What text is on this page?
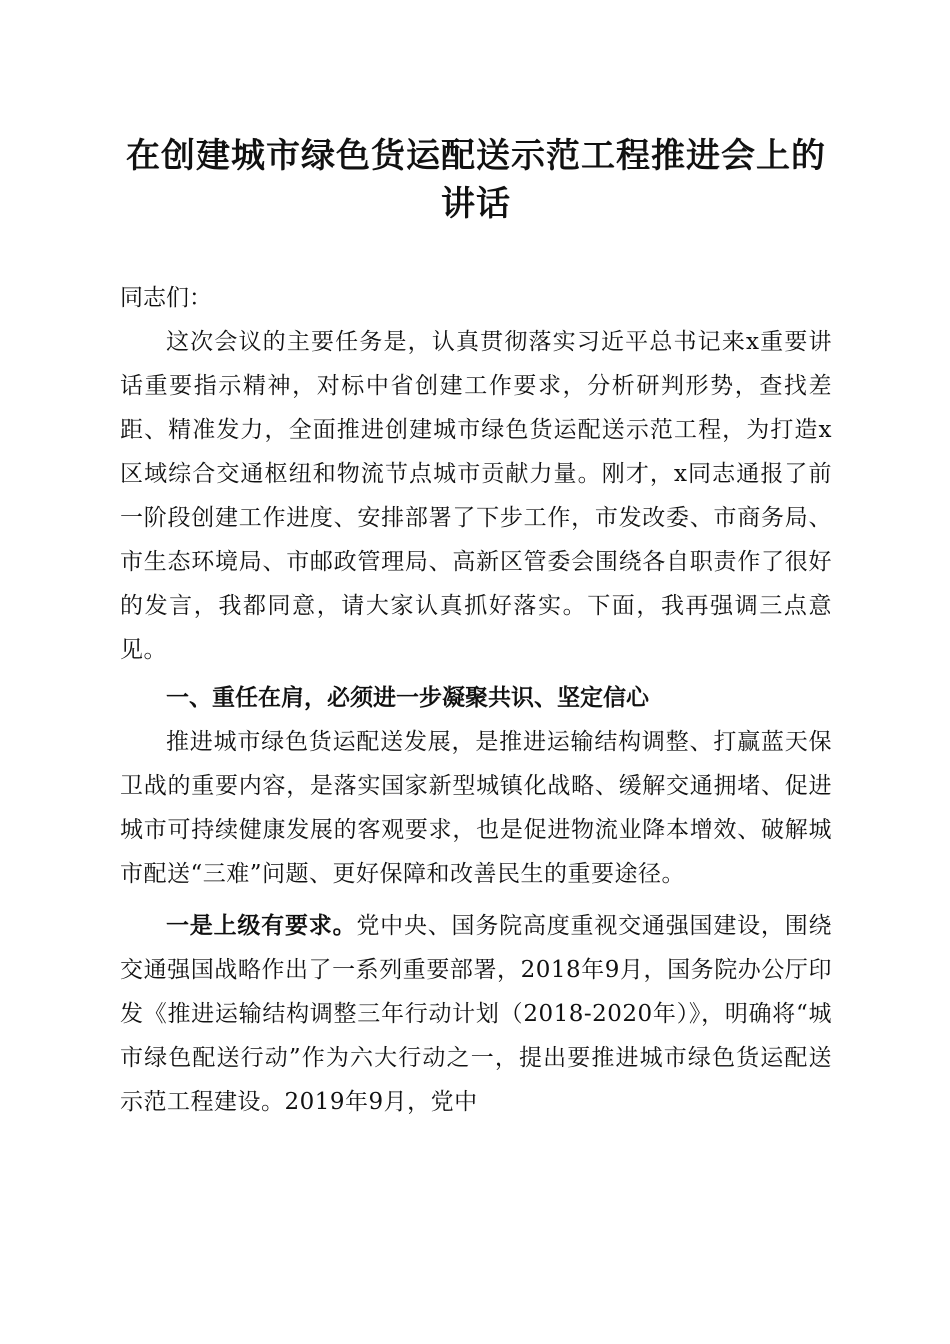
在创建城市绿色货运配送示范工程推进会上的讲话

同志们：

这次会议的主要任务是，认真贯彻落实习近平总书记来x重要讲话重要指示精神，对标中省创建工作要求，分析研判形势，查找差距、精准发力，全面推进创建城市绿色货运配送示范工程，为打造x区域综合交通枢纽和物流节点城市贡献力量。刚才，x同志通报了前一阶段创建工作进度、安排部署了下步工作，市发改委、市商务局、市生态环境局、市邮政管理局、高新区管委会围绕各自职责作了很好的发言，我都同意，请大家认真抓好落实。下面，我再强调三点意见。

一、重任在肩，必须进一步凝聚共识、坚定信心

推进城市绿色货运配送发展，是推进运输结构调整、打赢蓝天保卫战的重要内容，是落实国家新型城镇化战略、缓解交通拥堵、促进城市可持续健康发展的客观要求，也是促进物流业降本增效、破解城市配送“三难”问题、更好保障和改善民生的重要途径。

一是上级有要求。党中央、国务院高度重视交通强国建设，围绕交通强国战略作出了一系列重要部署，2018年9月，国务院办公厅印发《推进运输结构调整三年行动计划（2018-2020年）》，明确将“城市绿色配送行动”作为六大行动之一，提出要推进城市绿色货运配送示范工程建设。2019年9月，党中
